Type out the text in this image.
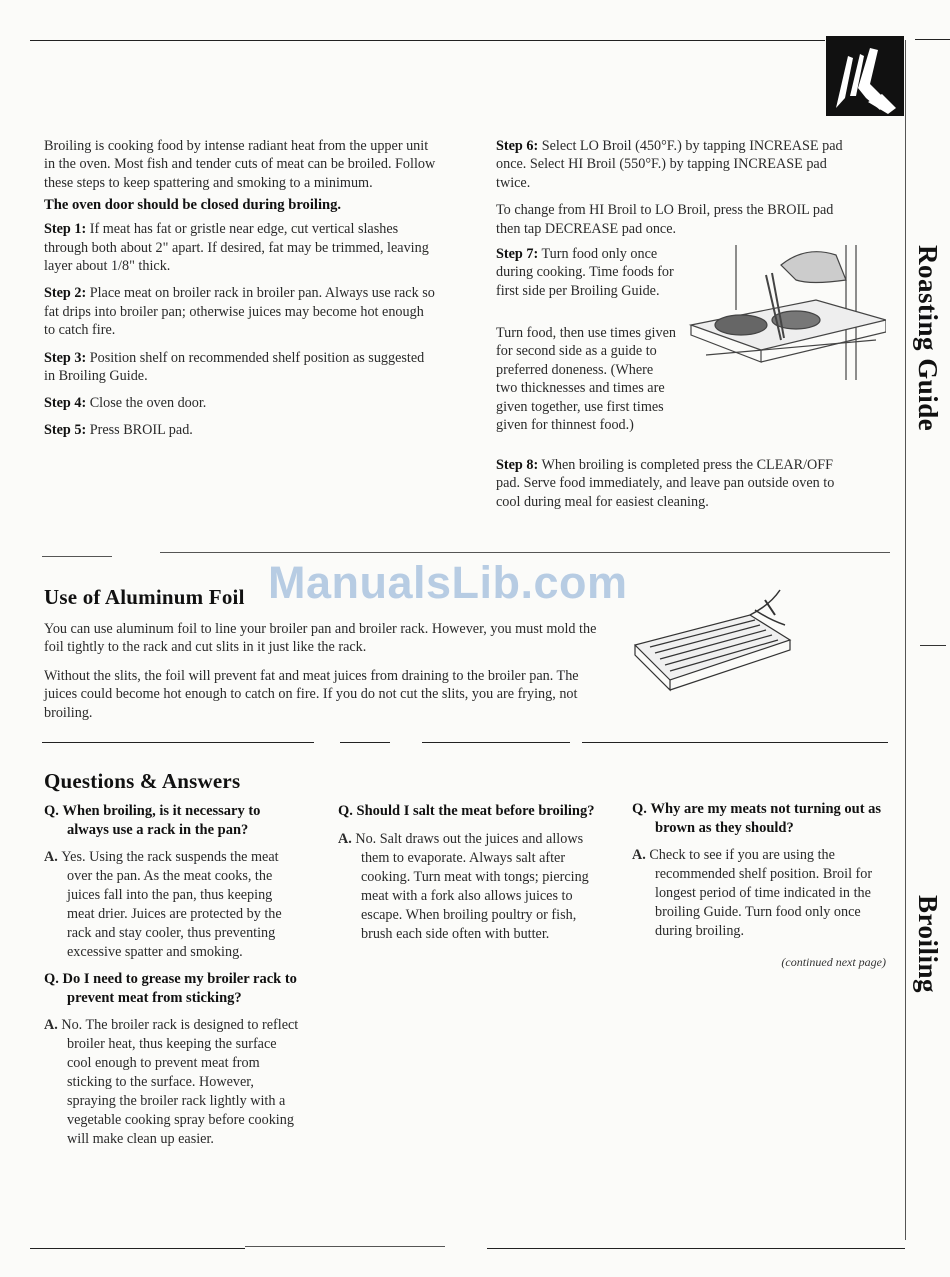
Roasting Guide
Broiling

Broiling is cooking food by intense radiant heat from the upper unit in the oven. Most fish and tender cuts of meat can be broiled. Follow these steps to keep spattering and smoking to a minimum.

The oven door should be closed during broiling.

Step 1: If meat has fat or gristle near edge, cut vertical slashes through both about 2" apart. If desired, fat may be trimmed, leaving layer about 1/8" thick.

Step 2: Place meat on broiler rack in broiler pan. Always use rack so fat drips into broiler pan; otherwise juices may become hot enough to catch fire.

Step 3: Position shelf on recommended shelf position as suggested in Broiling Guide.

Step 4: Close the oven door.

Step 5: Press BROIL pad.

Step 6: Select LO Broil (450°F.) by tapping INCREASE pad once. Select HI Broil (550°F.) by tapping INCREASE pad twice.

To change from HI Broil to LO Broil, press the BROIL pad then tap DECREASE pad once.

Step 7: Turn food only once during cooking. Time foods for first side per Broiling Guide.

Turn food, then use times given for second side as a guide to preferred doneness. (Where two thicknesses and times are given together, use first times given for thinnest food.)

Step 8: When broiling is completed press the CLEAR/OFF pad. Serve food immediately, and leave pan outside oven to cool during meal for easiest cleaning.

ManualsLib.com
Use of Aluminum Foil

You can use aluminum foil to line your broiler pan and broiler rack. However, you must mold the foil tightly to the rack and cut slits in it just like the rack.

Without the slits, the foil will prevent fat and meat juices from draining to the broiler pan. The juices could become hot enough to catch on fire. If you do not cut the slits, you are frying, not broiling.

Questions & Answers

Q. When broiling, is it necessary to always use a rack in the pan?

A. Yes. Using the rack suspends the meat over the pan. As the meat cooks, the juices fall into the pan, thus keeping meat drier. Juices are protected by the rack and stay cooler, thus preventing excessive spatter and smoking.

Q. Do I need to grease my broiler rack to prevent meat from sticking?

A. No. The broiler rack is designed to reflect broiler heat, thus keeping the surface cool enough to prevent meat from sticking to the surface. However, spraying the broiler rack lightly with a vegetable cooking spray before cooking will make clean up easier.

Q. Should I salt the meat before broiling?

A. No. Salt draws out the juices and allows them to evaporate. Always salt after cooking. Turn meat with tongs; piercing meat with a fork also allows juices to escape. When broiling poultry or fish, brush each side often with butter.

Q. Why are my meats not turning out as brown as they should?

A. Check to see if you are using the recommended shelf position. Broil for longest period of time indicated in the broiling Guide. Turn food only once during broiling.

(continued next page)
